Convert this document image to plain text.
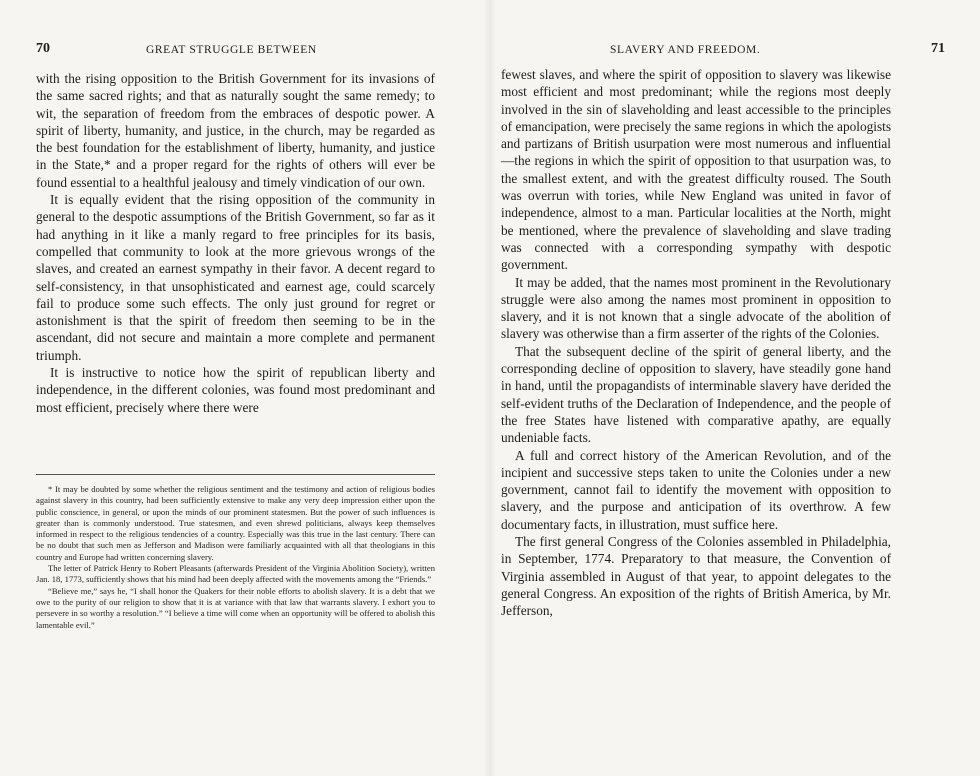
70	GREAT STRUGGLE BETWEEN

with the rising opposition to the British Government for its invasions of the same sacred rights; and that as naturally sought the same remedy; to wit, the separation of freedom from the embraces of despotic power. A spirit of liberty, humanity, and justice, in the church, may be regarded as the best foundation for the establishment of liberty, humanity, and justice in the State,* and a proper regard for the rights of others will ever be found essential to a healthful jealousy and timely vindication of our own.

It is equally evident that the rising opposition of the community in general to the despotic assumptions of the British Government, so far as it had anything in it like a manly regard to free principles for its basis, compelled that community to look at the more grievous wrongs of the slaves, and created an earnest sympathy in their favor. A decent regard to self-consistency, in that unsophisticated and earnest age, could scarcely fail to produce some such effects. The only just ground for regret or astonishment is that the spirit of freedom then seeming to be in the ascendant, did not secure and maintain a more complete and permanent triumph.

It is instructive to notice how the spirit of republican liberty and independence, in the different colonies, was found most predominant and most efficient, precisely where there were

* It may be doubted by some whether the religious sentiment and the testimony and action of religious bodies against slavery in this country, had been sufficiently extensive to make any very deep impression either upon the public conscience, in general, or upon the minds of our prominent statesmen. But the power of such influences is greater than is commonly understood. True statesmen, and even shrewd politicians, always keep themselves informed in respect to the religious tendencies of a country. Especially was this true in the last century. There can be no doubt that such men as Jefferson and Madison were familiarly acquainted with all that theologians in this country and Europe had written concerning slavery.

The letter of Patrick Henry to Robert Pleasants (afterwards President of the Virginia Abolition Society), written Jan. 18, 1773, sufficiently shows that his mind had been deeply affected with the movements among the “Friends.”

“Believe me,” says he, “I shall honor the Quakers for their noble efforts to abolish slavery. It is a debt that we owe to the purity of our religion to show that it is at variance with that law that warrants slavery. I exhort you to persevere in so worthy a resolution.” “I believe a time will come when an opportunity will be offered to abolish this lamentable evil.”

SLAVERY AND FREEDOM.	71

fewest slaves, and where the spirit of opposition to slavery was likewise most efficient and most predominant; while the regions most deeply involved in the sin of slaveholding and least accessible to the principles of emancipation, were precisely the same regions in which the apologists and partizans of British usurpation were most numerous and influential—the regions in which the spirit of opposition to that usurpation was, to the smallest extent, and with the greatest difficulty roused. The South was overrun with tories, while New England was united in favor of independence, almost to a man. Particular localities at the North, might be mentioned, where the prevalence of slaveholding and slave trading was connected with a corresponding sympathy with despotic government.

It may be added, that the names most prominent in the Revolutionary struggle were also among the names most prominent in opposition to slavery, and it is not known that a single advocate of the abolition of slavery was otherwise than a firm asserter of the rights of the Colonies.

That the subsequent decline of the spirit of general liberty, and the corresponding decline of opposition to slavery, have steadily gone hand in hand, until the propagandists of interminable slavery have derided the self-evident truths of the Declaration of Independence, and the people of the free States have listened with comparative apathy, are equally undeniable facts.

A full and correct history of the American Revolution, and of the incipient and successive steps taken to unite the Colonies under a new government, cannot fail to identify the movement with opposition to slavery, and the purpose and anticipation of its overthrow. A few documentary facts, in illustration, must suffice here.

The first general Congress of the Colonies assembled in Philadelphia, in September, 1774. Preparatory to that measure, the Convention of Virginia assembled in August of that year, to appoint delegates to the general Congress. An exposition of the rights of British America, by Mr. Jefferson,
